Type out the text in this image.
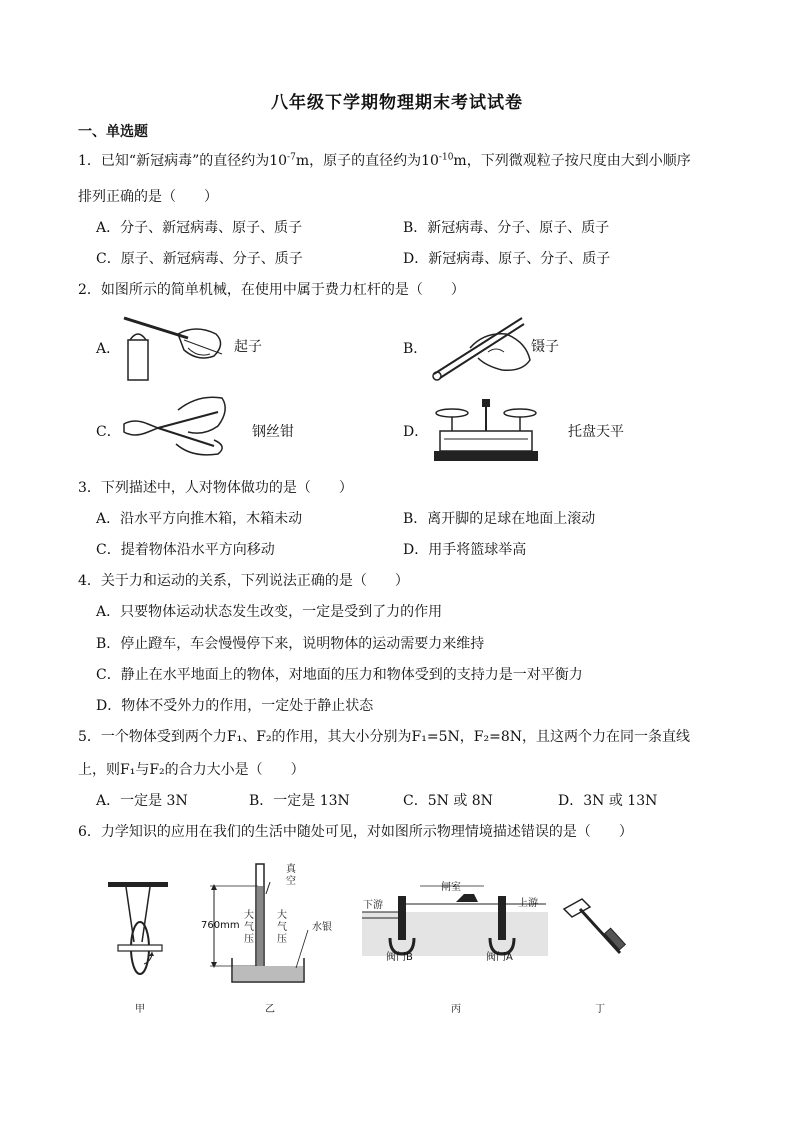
八年级下学期物理期末考试试卷
一、单选题
1．已知“新冠病毒”的直径约为$10^{-7}m$，原子的直径约为$10^{-10}m$，下列微观粒子按尺度由大到小顺序
排列正确的是（　　）
A．分子、新冠病毒、原子、质子	B．新冠病毒、分子、原子、质子
C．原子、新冠病毒、分子、质子	D．新冠病毒、原子、分子、质子
2．如图所示的简单机械，在使用中属于费力杠杆的是（　　）
A．	起子	B．	镊子
C．	钢丝钳	D．	托盘天平
3．下列描述中，人对物体做功的是（　　）
A．沿水平方向推木箱，木箱未动	B．离开脚的足球在地面上滚动
C．提着物体沿水平方向移动	D．用手将篮球举高
4．关于力和运动的关系，下列说法正确的是（　　）
A．只要物体运动状态发生改变，一定是受到了力的作用
B．停止蹬车，车会慢慢停下来，说明物体的运动需要力来维持
C．静止在水平地面上的物体，对地面的压力和物体受到的支持力是一对平衡力
D．物体不受外力的作用，一定处于静止状态
5．一个物体受到两个力F₁、F₂的作用，其大小分别为F₁=5N，F₂=8N，且这两个力在同一条直线
上，则F₁与F₂的合力大小是（　　）
A．一定是 3N	B．一定是 13N	C．5N 或 8N	D．3N 或 13N
6．力学知识的应用在我们的生活中随处可见，对如图所示物理情境描述错误的是（　　）
甲
真
空
760mm
大
气
压
大
气
压
水银
乙
闸室
下游	上游
阀门B	阀门A
丙	丁
